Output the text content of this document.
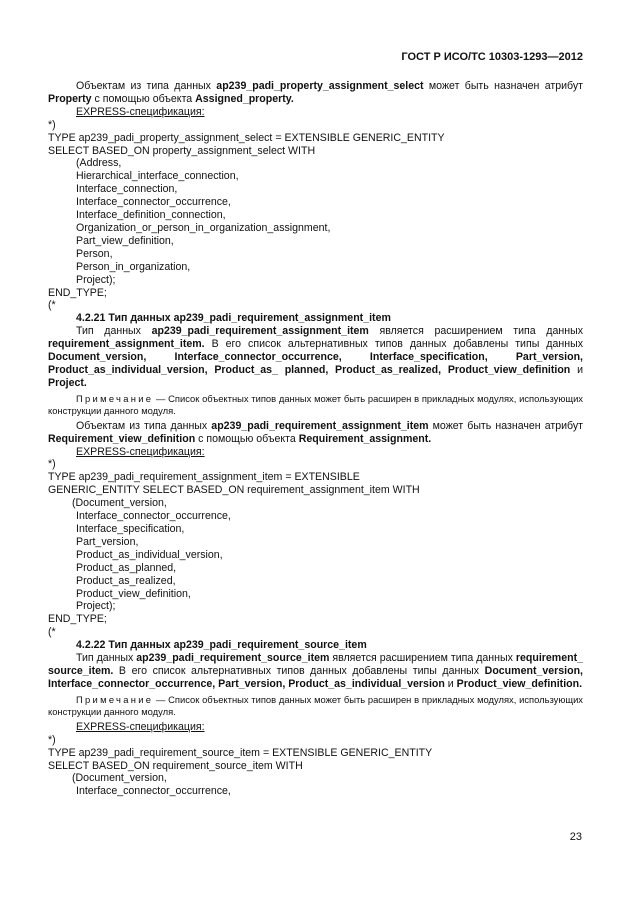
ГОСТ Р ИСО/ТС 10303-1293—2012

Объектам из типа данных ap239_padi_property_assignment_select может быть назначен атрибут Property с помощью объекта Assigned_property.

EXPRESS-спецификация:

*)
TYPE ap239_padi_property_assignment_select = EXTENSIBLE GENERIC_ENTITY
SELECT BASED_ON property_assignment_select WITH
(Address,
Hierarchical_interface_connection,
Interface_connection,
Interface_connector_occurrence,
Interface_definition_connection,
Organization_or_person_in_organization_assignment,
Part_view_definition,
Person,
Person_in_organization,
Project);
END_TYPE;
(*

4.2.21 Тип данных ap239_padi_requirement_assignment_item

Тип данных ap239_padi_requirement_assignment_item является расширением типа данных requirement_assignment_item. В его список альтернативных типов данных добавлены типы данных Document_version, Interface_connector_occurrence, Interface_specification, Part_version, Product_as_individual_version, Product_as_ planned, Product_as_realized, Product_view_definition и Project.

Примечание — Список объектных типов данных может быть расширен в прикладных модулях, использующих конструкции данного модуля.

Объектам из типа данных ap239_padi_requirement_assignment_item может быть назначен атрибут Requirement_view_definition с помощью объекта Requirement_assignment.

EXPRESS-спецификация:

*)
TYPE ap239_padi_requirement_assignment_item = EXTENSIBLE
GENERIC_ENTITY SELECT BASED_ON requirement_assignment_item WITH
(Document_version,
Interface_connector_occurrence,
Interface_specification,
Part_version,
Product_as_individual_version,
Product_as_planned,
Product_as_realized,
Product_view_definition,
Project);
END_TYPE;
(*

4.2.22 Тип данных ap239_padi_requirement_source_item

Тип данных ap239_padi_requirement_source_item является расширением типа данных requirement_ source_item. В его список альтернативных типов данных добавлены типы данных Document_version, Interface_connector_occurrence, Part_version, Product_as_individual_version и Product_view_definition.

Примечание — Список объектных типов данных может быть расширен в прикладных модулях, использующих конструкции данного модуля.

EXPRESS-спецификация:

*)
TYPE ap239_padi_requirement_source_item = EXTENSIBLE GENERIC_ENTITY
SELECT BASED_ON requirement_source_item WITH
(Document_version,
Interface_connector_occurrence,
23
